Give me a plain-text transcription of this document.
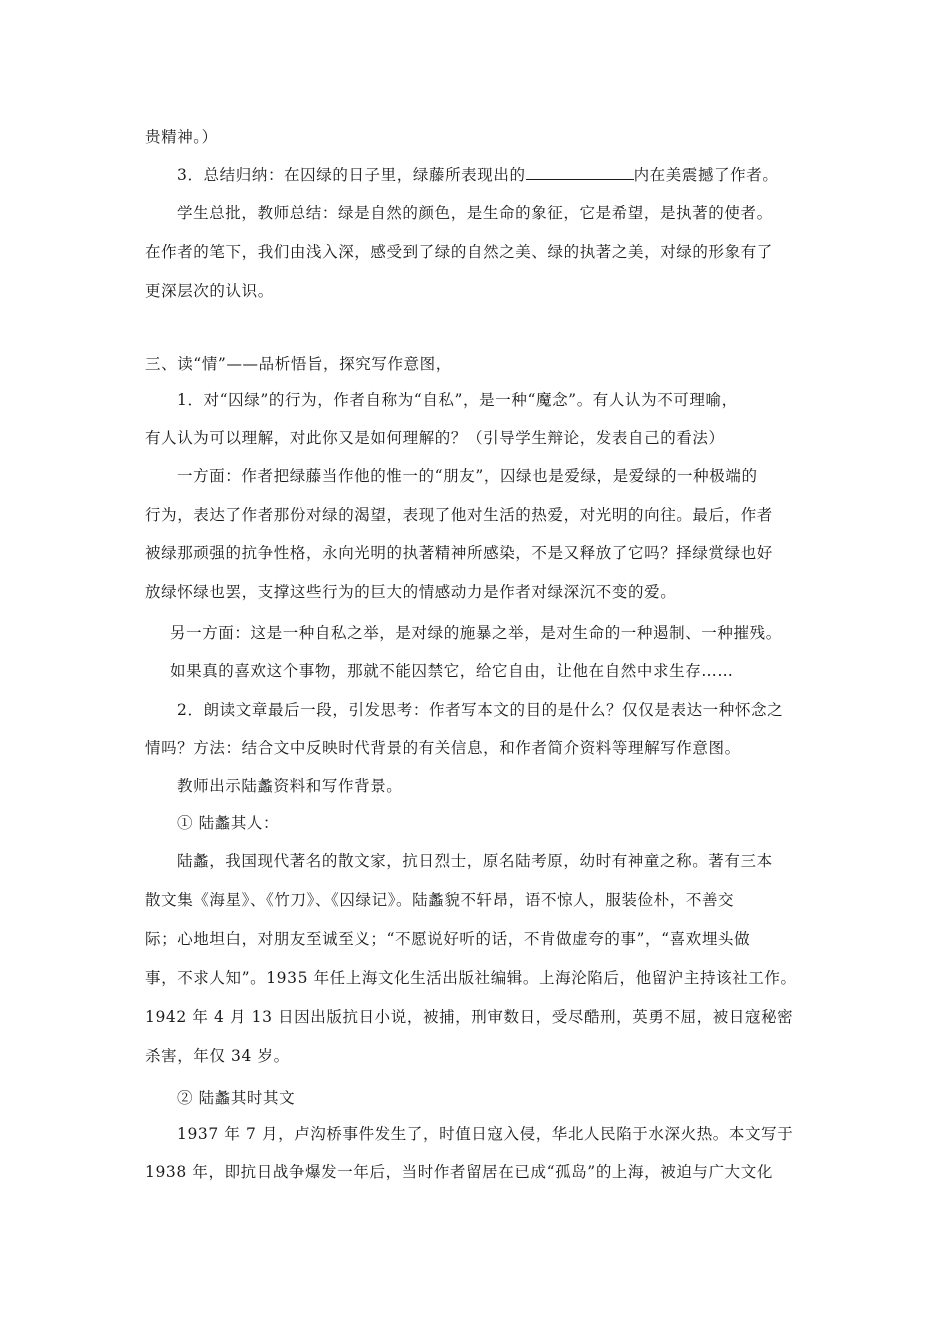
贵精神。）
3．总结归纳：在囚绿的日子里，绿藤所表现出的	内在美震撼了作者。
学生总批，教师总结：绿是自然的颜色，是生命的象征，它是希望，是执著的使者。
在作者的笔下，我们由浅入深，感受到了绿的自然之美、绿的执著之美，对绿的形象有了
更深层次的认识。
三、读“情”——品析悟旨，探究写作意图，
1．对“囚绿”的行为，作者自称为“自私”，是一种“魔念”。有人认为不可理喻，
有人认为可以理解，对此你又是如何理解的？（引导学生辩论，发表自己的看法）
一方面：作者把绿藤当作他的惟一的“朋友”，囚绿也是爱绿，是爱绿的一种极端的
行为，表达了作者那份对绿的渴望，表现了他对生活的热爱，对光明的向往。最后，作者
被绿那顽强的抗争性格，永向光明的执著精神所感染，不是又释放了它吗？择绿赏绿也好
放绿怀绿也罢，支撑这些行为的巨大的情感动力是作者对绿深沉不变的爱。
另一方面：这是一种自私之举，是对绿的施暴之举，是对生命的一种遏制、一种摧残。
如果真的喜欢这个事物，那就不能囚禁它，给它自由，让他在自然中求生存……
2．朗读文章最后一段，引发思考：作者写本文的目的是什么？仅仅是表达一种怀念之
情吗？方法：结合文中反映时代背景的有关信息，和作者简介资料等理解写作意图。
教师出示陆蠡资料和写作背景。
① 陆蠡其人：
陆蠡，我国现代著名的散文家，抗日烈士，原名陆考原，幼时有神童之称。著有三本
散文集《海星》、《竹刀》、《囚绿记》。陆蠡貌不轩昂，语不惊人，服装俭朴，不善交
际；心地坦白，对朋友至诚至义；“不愿说好听的话，不肯做虚夸的事”，“喜欢埋头做
事，不求人知”。1935 年任上海文化生活出版社编辑。上海沦陷后，他留沪主持该社工作。
1942 年 4 月 13 日因出版抗日小说，被捕，刑审数日，受尽酷刑，英勇不屈，被日寇秘密
杀害，年仅 34 岁。
② 陆蠡其时其文
1937 年 7 月，卢沟桥事件发生了，时值日寇入侵，华北人民陷于水深火热。本文写于
1938 年，即抗日战争爆发一年后，当时作者留居在已成“孤岛”的上海，被迫与广大文化
